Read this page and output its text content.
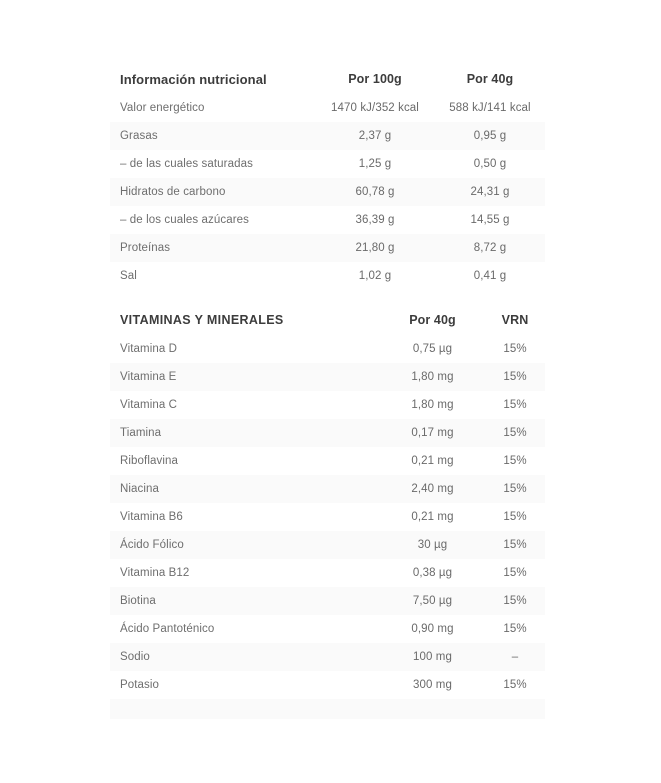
Información nutricional	Por 100g	Por 40g
Valor energético	1470 kJ/352 kcal	588 kJ/141 kcal
Grasas	2,37 g	0,95 g
– de las cuales saturadas	1,25 g	0,50 g
Hidratos de carbono	60,78 g	24,31 g
– de los cuales azúcares	36,39 g	14,55 g
Proteínas	21,80 g	8,72 g
Sal	1,02 g	0,41 g
VITAMINAS Y MINERALES	Por 40g	VRN
Vitamina D	0,75 µg	15%
Vitamina E	1,80 mg	15%
Vitamina C	1,80 mg	15%
Tiamina	0,17 mg	15%
Riboflavina	0,21 mg	15%
Niacina	2,40 mg	15%
Vitamina B6	0,21 mg	15%
Ácido Fólico	30 µg	15%
Vitamina B12	0,38 µg	15%
Biotina	7,50 µg	15%
Ácido Pantoténico	0,90 mg	15%
Sodio	100 mg	–
Potasio	300 mg	15%
